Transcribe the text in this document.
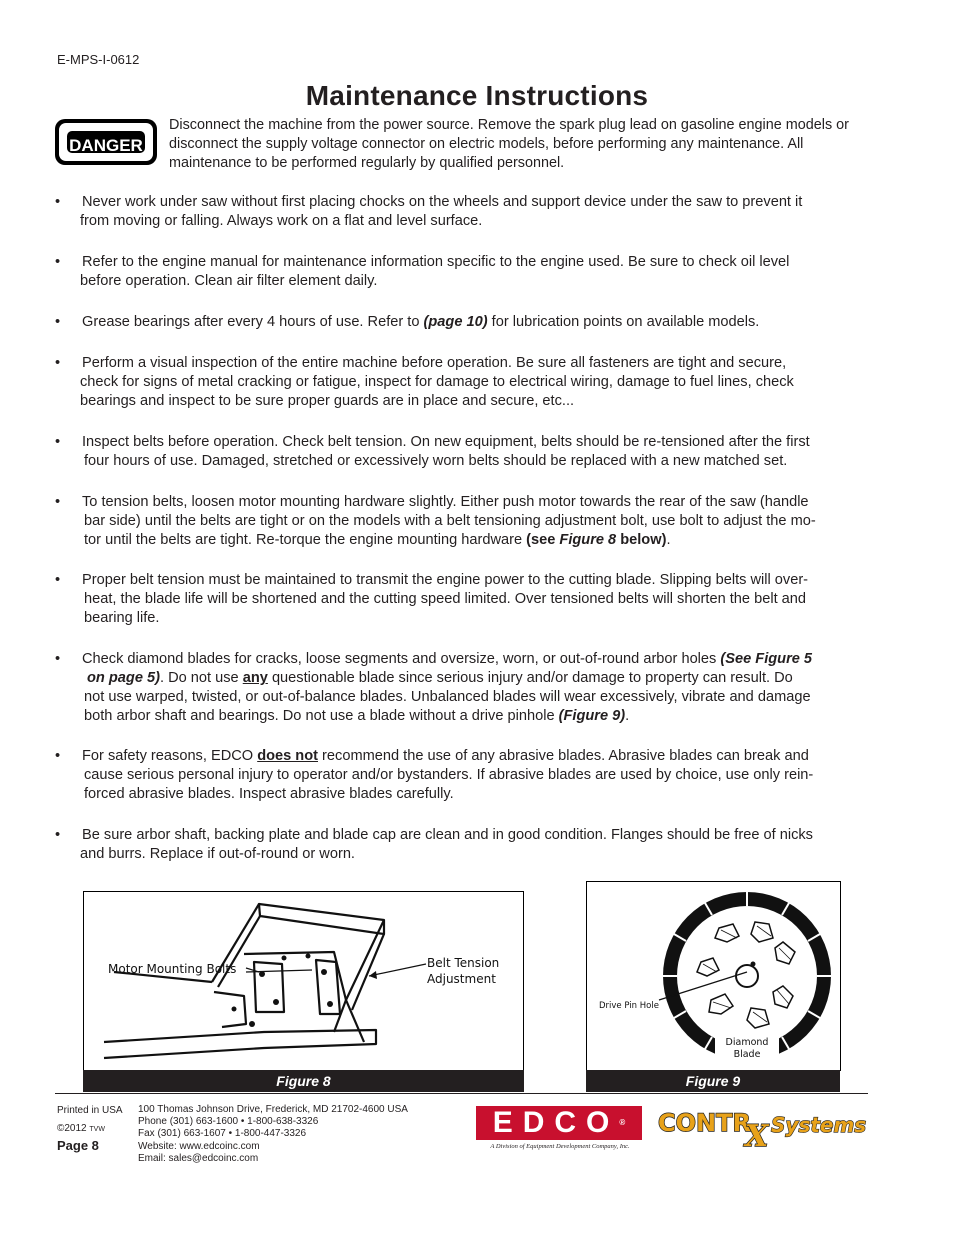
E-MPS-I-0612
Maintenance Instructions
DANGER
Disconnect the machine from the power source. Remove the spark plug lead on gasoline engine models or disconnect the supply voltage connector on electric models, before performing any maintenance. All maintenance to be performed regularly by qualified personnel.
• Never work under saw without first placing chocks on the wheels and support device under the saw to prevent it
from moving or falling. Always work on a flat and level surface.
• Refer to the engine manual for maintenance information specific to the engine used. Be sure to check oil level
before operation. Clean air filter element daily.
• Grease bearings after every 4 hours of use. Refer to (page 10) for lubrication points on available models.
• Perform a visual inspection of the entire machine before operation. Be sure all fasteners are tight and secure,
check for signs of metal cracking or fatigue, inspect for damage to electrical wiring, damage to fuel lines, check
bearings and inspect to be sure proper guards are in place and secure, etc...
• Inspect belts before operation. Check belt tension. On new equipment, belts should be re-tensioned after the first
four hours of use. Damaged, stretched or excessively worn belts should be replaced with a new matched set.
• To tension belts, loosen motor mounting hardware slightly. Either push motor towards the rear of the saw (handle
bar side) until the belts are tight or on the models with a belt tensioning adjustment bolt, use bolt to adjust the mo-
tor until the belts are tight. Re-torque the engine mounting hardware (see Figure 8 below).
• Proper belt tension must be maintained to transmit the engine power to the cutting blade. Slipping belts will over-
heat, the blade life will be shortened and the cutting speed limited. Over tensioned belts will shorten the belt and
bearing life.
• Check diamond blades for cracks, loose segments and oversize, worn, or out-of-round arbor holes (See Figure 5
on page 5). Do not use any questionable blade since serious injury and/or damage to property can result. Do
not use warped, twisted, or out-of-balance blades. Unbalanced blades will wear excessively, vibrate and damage
both arbor shaft and bearings. Do not use a blade without a drive pinhole (Figure 9).
• For safety reasons, EDCO does not recommend the use of any abrasive blades. Abrasive blades can break and
cause serious personal injury to operator and/or bystanders. If abrasive blades are used by choice, use only rein-
forced abrasive blades. Inspect abrasive blades carefully.
• Be sure arbor shaft, backing plate and blade cap are clean and in good condition. Flanges should be free of nicks
and burrs. Replace if out-of-round or worn.
Motor Mounting Bolts	Belt Tension
Adjustment
Figure 8
Drive Pin Hole
Diamond
Blade
Figure 9
Printed in USA
©2012 TVW
Page 8
100 Thomas Johnson Drive, Frederick, MD 21702-4600 USA
Phone (301) 663-1600 • 1-800-638-3326
Fax (301) 663-1607 • 1-800-447-3326
Website: www.edcoinc.com
Email: sales@edcoinc.com
EDCO®
A Division of Equipment Development Company, Inc.
CONTR
X Systems
